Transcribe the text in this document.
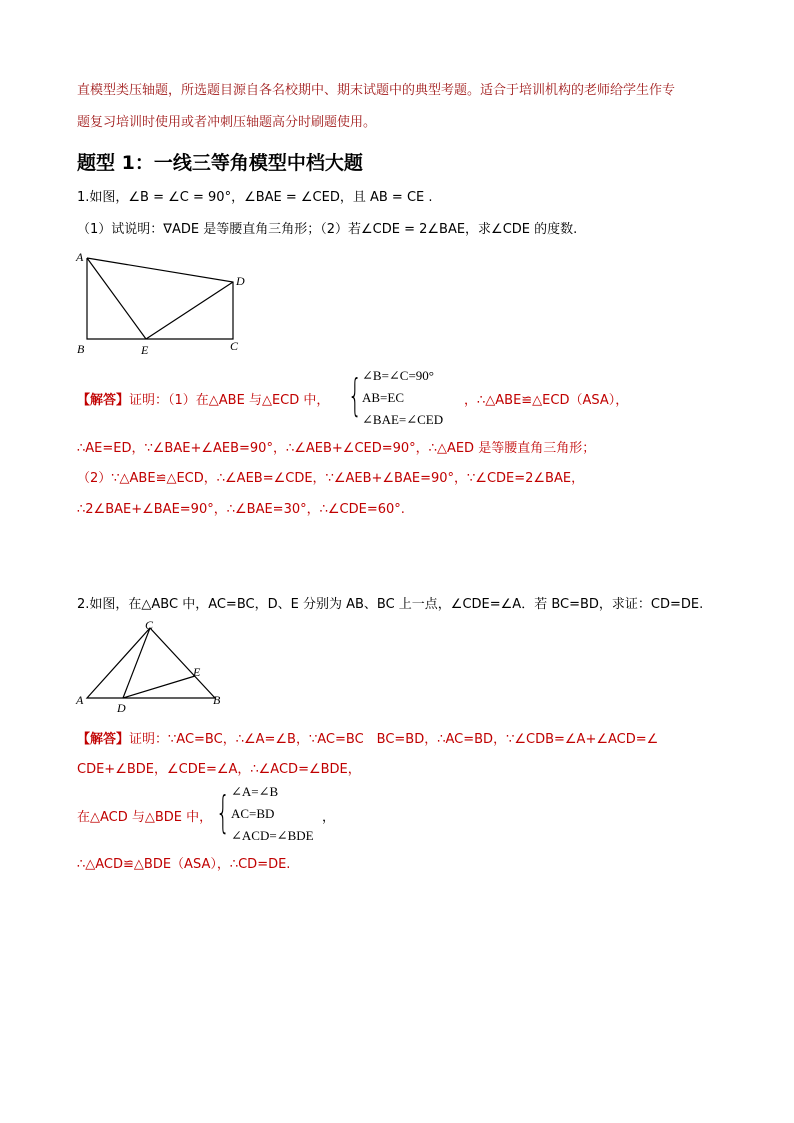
直模型类压轴题，所选题目源自各名校期中、期末试题中的典型考题。适合于培训机构的老师给学生作专
题复习培训时使用或者冲刺压轴题高分时刷题使用。
题型 1：一线三等角模型中档大题
1.如图，∠B = ∠C = 90°，∠BAE = ∠CED，且 AB = CE .
（1）试说明：∇ADE 是等腰直角三角形；（2）若∠CDE = 2∠BAE，求∠CDE 的度数.
A
D
B	E	C
【解答】证明：（1）在△ABE 与△ECD 中， { ∠B=∠C=90°
AB=EC
∠BAE=∠CED
，∴△ABE≌△ECD（ASA），
∴AE=ED，∵∠BAE+∠AEB=90°，∴∠AEB+∠CED=90°，∴△AED 是等腰直角三角形；
（2）∵△ABE≌△ECD，∴∠AEB=∠CDE，∵∠AEB+∠BAE=90°，∵∠CDE=2∠BAE，
∴2∠BAE+∠BAE=90°，∴∠BAE=30°，∴∠CDE=60°.
2.如图，在△ABC 中，AC=BC，D、E 分别为 AB、BC 上一点，∠CDE=∠A．若 BC=BD，求证：CD=DE.
C
E
A	B
D
【解答】证明：∵AC=BC，∴∠A=∠B，∵AC=BC　BC=BD，∴AC=BD，∵∠CDB=∠A+∠ACD=∠
CDE+∠BDE，∠CDE=∠A，∴∠ACD=∠BDE，
在△ACD 与△BDE 中， { ∠A=∠B
AC=BD
∠ACD=∠BDE
，
∴△ACD≌△BDE（ASA），∴CD=DE.
